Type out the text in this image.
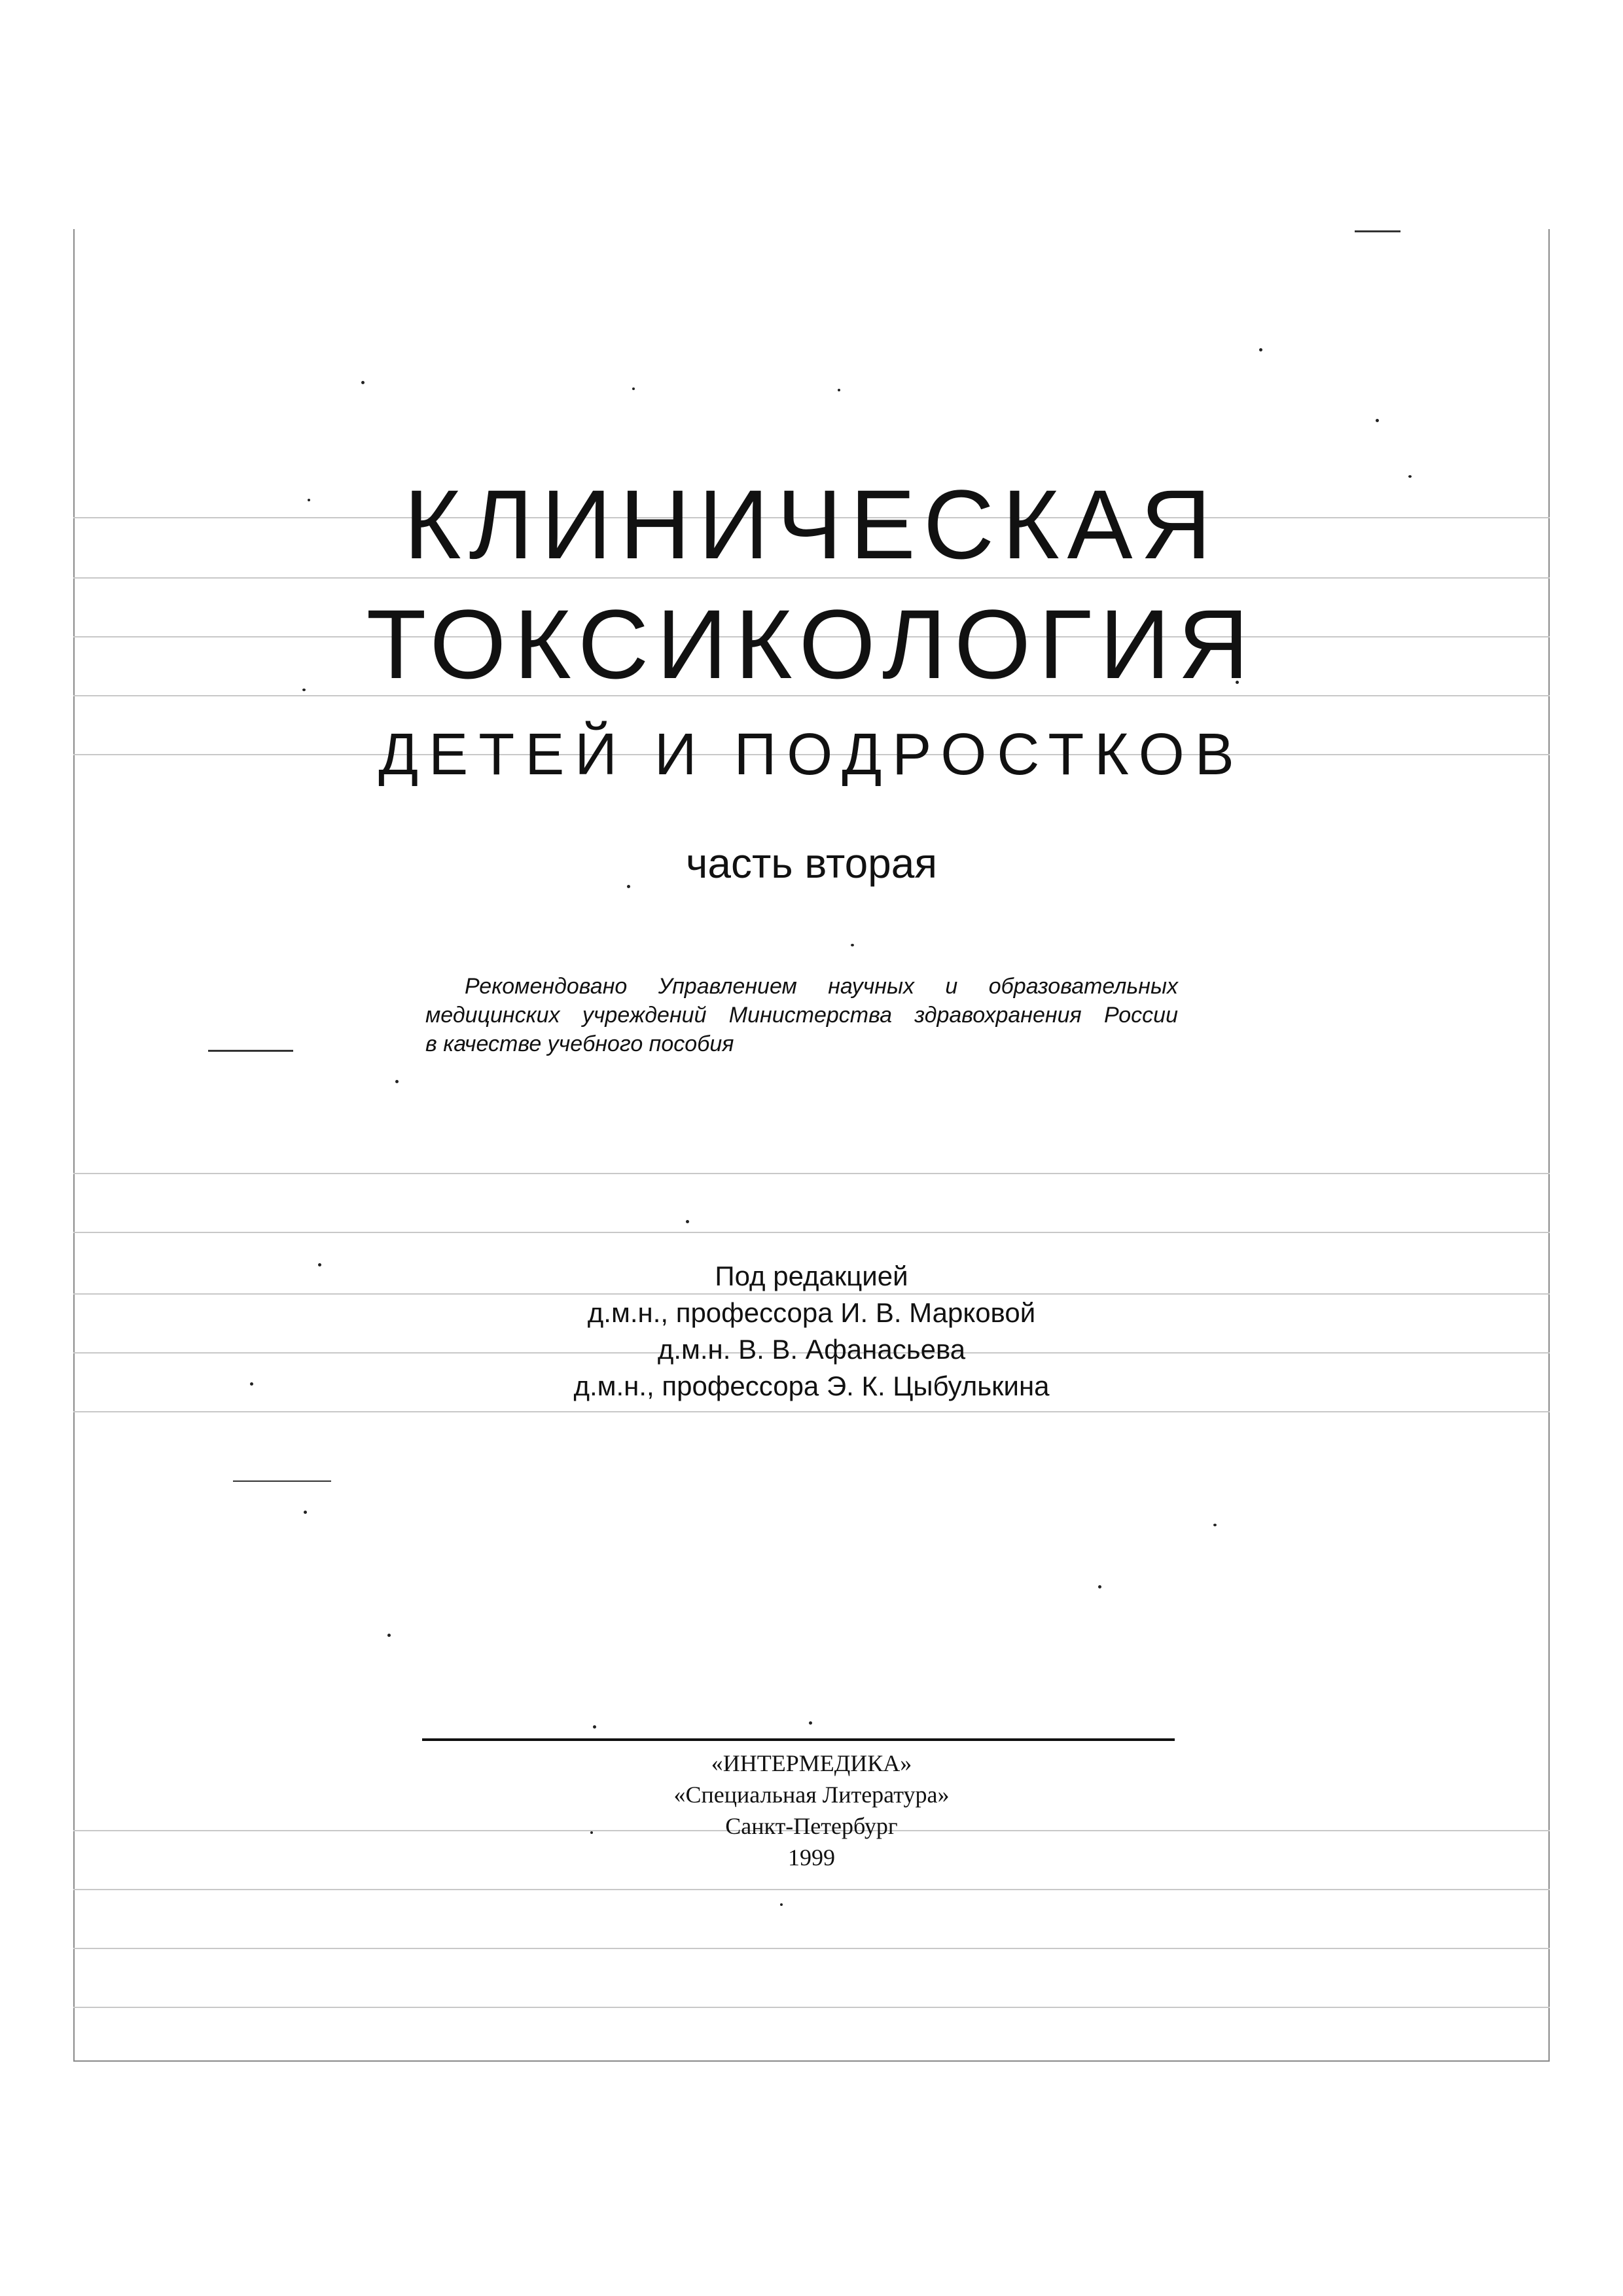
КЛИНИЧЕСКАЯ
ТОКСИКОЛОГИЯ
ДЕТЕЙ И ПОДРОСТКОВ
часть вторая
Рекомендовано Управлением научных и образовательных
медицинских учреждений Министерства здравохранения России
в качестве учебного пособия
Под редакцией
д.м.н., профессора И. В. Марковой
д.м.н. В. В. Афанасьева
д.м.н., профессора Э. К. Цыбулькина
«ИНТЕРМЕДИКА»
«Специальная Литература»
Санкт-Петербург
1999
